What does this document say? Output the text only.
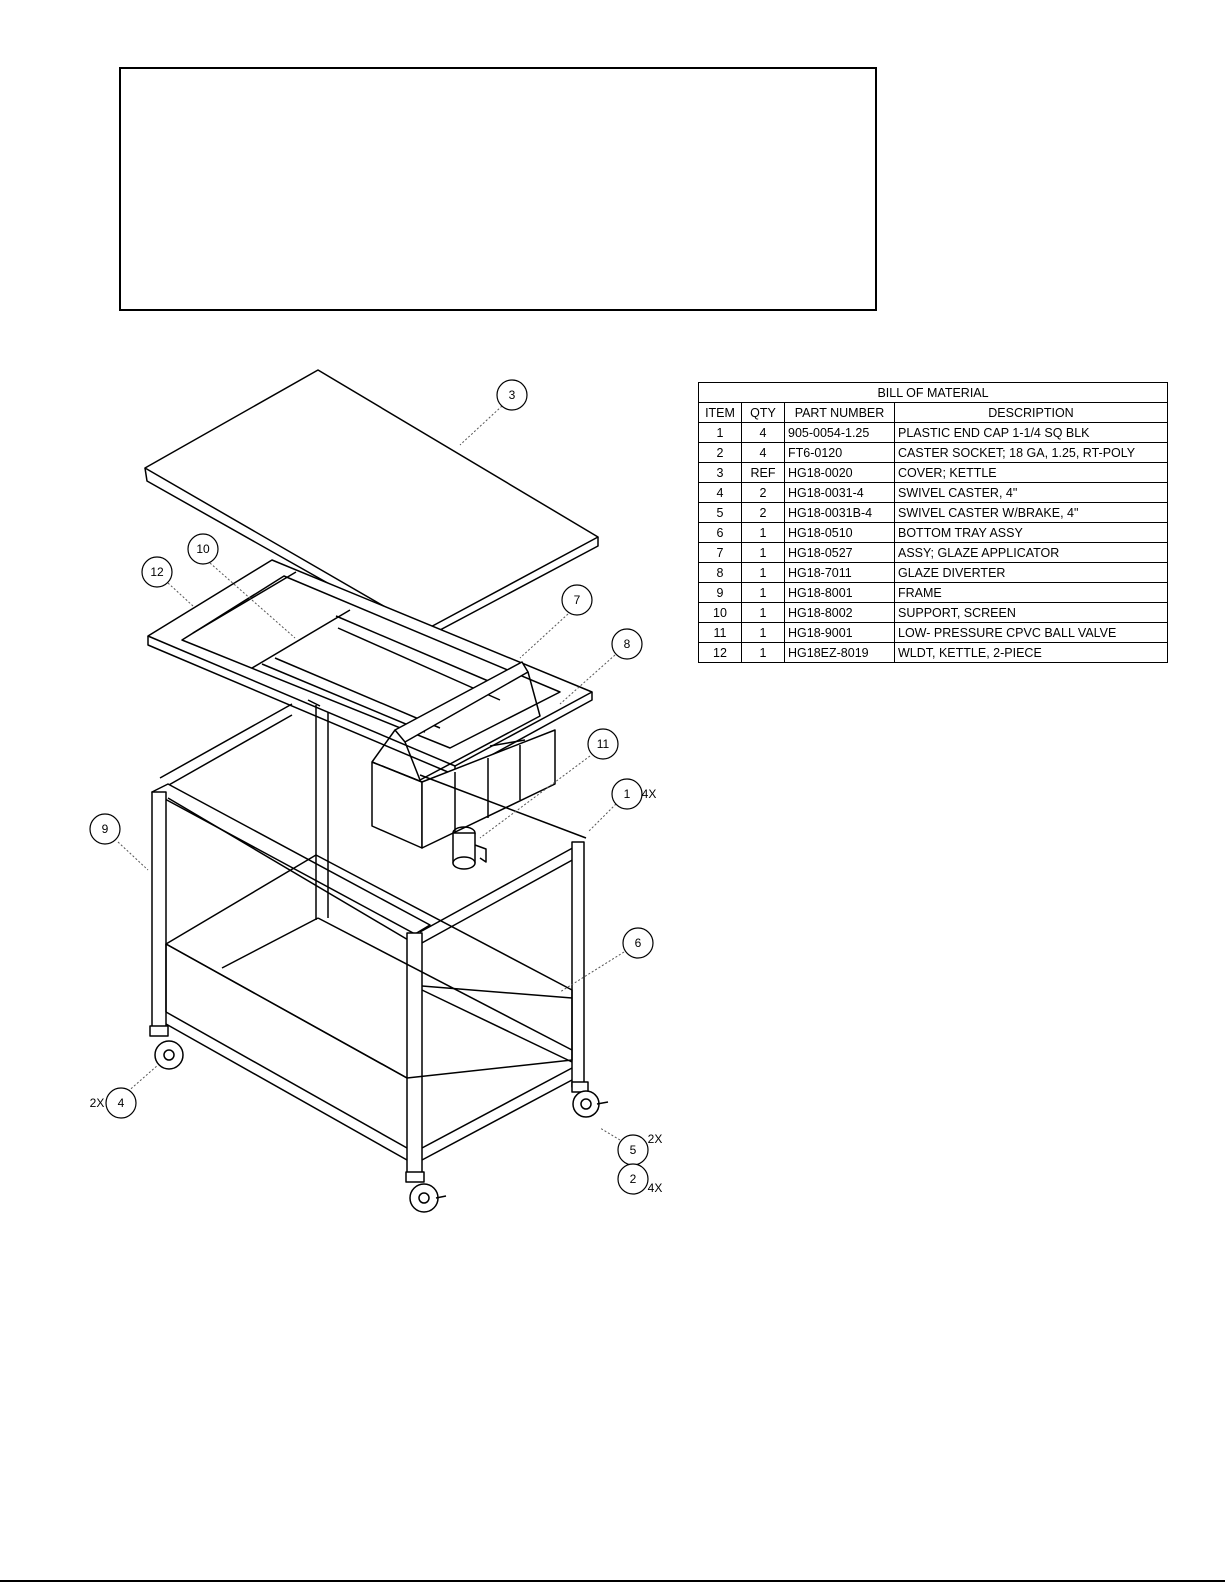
3
10
12
7
8
11
1 4X
9
6
4
2X
5
2X
2
4X
BILL OF MATERIAL			
ITEM	QTY	PART NUMBER	DESCRIPTION
1	4	905-0054-1.25	PLASTIC END CAP 1-1/4 SQ BLK
2	4	FT6-0120	CASTER SOCKET; 18 GA, 1.25, RT-POLY
3	REF	HG18-0020	COVER; KETTLE
4	2	HG18-0031-4	SWIVEL CASTER, 4"
5	2	HG18-0031B-4	SWIVEL CASTER W/BRAKE, 4"
6	1	HG18-0510	BOTTOM TRAY ASSY
7	1	HG18-0527	ASSY; GLAZE APPLICATOR
8	1	HG18-7011	GLAZE DIVERTER
9	1	HG18-8001	FRAME
10	1	HG18-8002	SUPPORT, SCREEN
11	1	HG18-9001	LOW- PRESSURE CPVC BALL VALVE
12	1	HG18EZ-8019	WLDT, KETTLE, 2-PIECE
